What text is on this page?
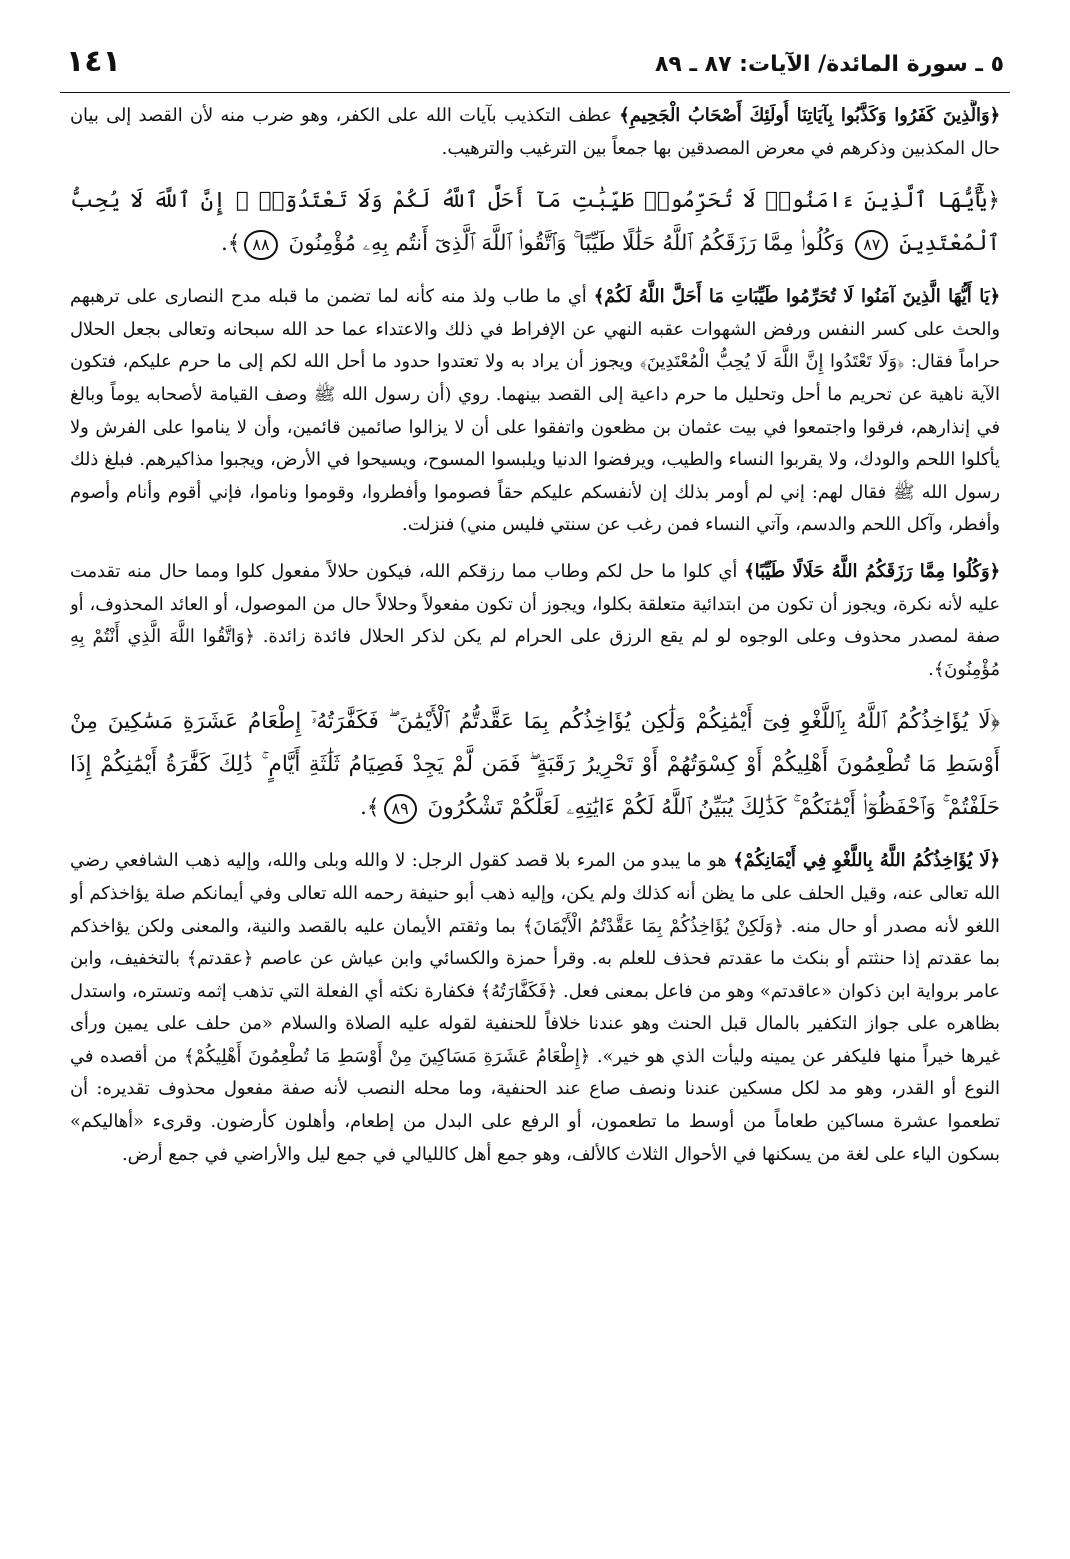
٥ ـ سورة المائدة/ الآيات: ٨٧ ـ ٨٩
١٤١

﴿وَالَّذِينَ كَفَرُوا وَكَذَّبُوا بِآيَاتِنَا أُولَئِكَ أَصْحَابُ الْجَحِيمِ﴾ عطف التكذيب بآيات الله على الكفر، وهو ضرب منه لأن القصد إلى بيان حال المكذبين وذكرهم في معرض المصدقين بها جمعاً بين الترغيب والترهيب.

﴿يَٰٓأَيُّهَا ٱلَّذِينَ ءَامَنُوا۟ لَا تُحَرِّمُوا۟ طَيِّبَٰتِ مَآ أَحَلَّ ٱللَّهُ لَكُمْ وَلَا تَعْتَدُوٓا۟ ۚ إِنَّ ٱللَّهَ لَا يُحِبُّ ٱلْمُعْتَدِينَ ٨٧ وَكُلُوا۟ مِمَّا رَزَقَكُمُ ٱللَّهُ حَلَٰلًا طَيِّبًا ۚ وَٱتَّقُوا۟ ٱللَّهَ ٱلَّذِىٓ أَنتُم بِهِۦ مُؤْمِنُونَ ٨٨﴾.

﴿يَا أَيُّهَا الَّذِينَ آمَنُوا لَا تُحَرِّمُوا طَيِّبَاتِ مَا أَحَلَّ اللَّهُ لَكُمْ﴾ أي ما طاب ولذ منه كأنه لما تضمن ما قبله مدح النصارى على ترهبهم والحث على كسر النفس ورفض الشهوات عقبه النهي عن الإفراط في ذلك والاعتداء عما حد الله سبحانه وتعالى بجعل الحلال حراماً فقال: ﴿وَلَا تَعْتَدُوا إِنَّ اللَّهَ لَا يُحِبُّ الْمُعْتَدِينَ﴾ ويجوز أن يراد به ولا تعتدوا حدود ما أحل الله لكم إلى ما حرم عليكم، فتكون الآية ناهية عن تحريم ما أحل وتحليل ما حرم داعية إلى القصد بينهما. روي (أن رسول الله ﷺ وصف القيامة لأصحابه يوماً وبالغ في إنذارهم، فرقوا واجتمعوا في بيت عثمان بن مظعون واتفقوا على أن لا يزالوا صائمين قائمين، وأن لا يناموا على الفرش ولا يأكلوا اللحم والودك، ولا يقربوا النساء والطيب، ويرفضوا الدنيا ويلبسوا المسوح، ويسيحوا في الأرض، ويجبوا مذاكيرهم. فبلغ ذلك رسول الله ﷺ فقال لهم: إني لم أومر بذلك إن لأنفسكم عليكم حقاً فصوموا وأفطروا، وقوموا وناموا، فإني أقوم وأنام وأصوم وأفطر، وآكل اللحم والدسم، وآتي النساء فمن رغب عن سنتي فليس مني) فنزلت.

﴿وَكُلُوا مِمَّا رَزَقَكُمُ اللَّهُ حَلَالًا طَيِّبًا﴾ أي كلوا ما حل لكم وطاب مما رزقكم الله، فيكون حلالاً مفعول كلوا ومما حال منه تقدمت عليه لأنه نكرة، ويجوز أن تكون من ابتدائية متعلقة بكلوا، ويجوز أن تكون مفعولاً وحلالاً حال من الموصول، أو العائد المحذوف، أو صفة لمصدر محذوف وعلى الوجوه لو لم يقع الرزق على الحرام لم يكن لذكر الحلال فائدة زائدة. ﴿وَاتَّقُوا اللَّهَ الَّذِي أَنْتُمْ بِهِ مُؤْمِنُونَ﴾.

﴿لَا يُؤَاخِذُكُمُ ٱللَّهُ بِٱللَّغْوِ فِىٓ أَيْمَٰنِكُمْ وَلَٰكِن يُؤَاخِذُكُم بِمَا عَقَّدتُّمُ ٱلْأَيْمَٰنَ ۖ فَكَفَّٰرَتُهُۥٓ إِطْعَامُ عَشَرَةِ مَسَٰكِينَ مِنْ أَوْسَطِ مَا تُطْعِمُونَ أَهْلِيكُمْ أَوْ كِسْوَتُهُمْ أَوْ تَحْرِيرُ رَقَبَةٍ ۖ فَمَن لَّمْ يَجِدْ فَصِيَامُ ثَلَٰثَةِ أَيَّامٍ ۚ ذَٰلِكَ كَفَّٰرَةُ أَيْمَٰنِكُمْ إِذَا حَلَفْتُمْ ۚ وَٱحْفَظُوٓا۟ أَيْمَٰنَكُمْ ۚ كَذَٰلِكَ يُبَيِّنُ ٱللَّهُ لَكُمْ ءَايَٰتِهِۦ لَعَلَّكُمْ تَشْكُرُونَ ٨٩﴾.

﴿لَا يُؤَاخِذُكُمُ اللَّهُ بِاللَّغْوِ فِي أَيْمَانِكُمْ﴾ هو ما يبدو من المرء بلا قصد كقول الرجل: لا والله وبلى والله، وإليه ذهب الشافعي رضي الله تعالى عنه، وقيل الحلف على ما يظن أنه كذلك ولم يكن، وإليه ذهب أبو حنيفة رحمه الله تعالى وفي أيمانكم صلة يؤاخذكم أو اللغو لأنه مصدر أو حال منه. ﴿وَلَكِنْ يُؤَاخِذُكُمْ بِمَا عَقَّدْتُمُ الْأَيْمَانَ﴾ بما وثقتم الأيمان عليه بالقصد والنية، والمعنى ولكن يؤاخذكم بما عقدتم إذا حنثتم أو بنكث ما عقدتم فحذف للعلم به. وقرأ حمزة والكسائي وابن عياش عن عاصم ﴿عقدتم﴾ بالتخفيف، وابن عامر برواية ابن ذكوان «عاقدتم» وهو من فاعل بمعنى فعل. ﴿فَكَفَّارَتُهُ﴾ فكفارة نكثه أي الفعلة التي تذهب إثمه وتستره، واستدل بظاهره على جواز التكفير بالمال قبل الحنث وهو عندنا خلافاً للحنفية لقوله عليه الصلاة والسلام «من حلف على يمين ورأى غيرها خيراً منها فليكفر عن يمينه وليأت الذي هو خير». ﴿إِطْعَامُ عَشَرَةِ مَسَاكِينَ مِنْ أَوْسَطِ مَا تُطْعِمُونَ أَهْلِيكُمْ﴾ من أقصده في النوع أو القدر، وهو مد لكل مسكين عندنا ونصف صاع عند الحنفية، وما محله النصب لأنه صفة مفعول محذوف تقديره: أن تطعموا عشرة مساكين طعاماً من أوسط ما تطعمون، أو الرفع على البدل من إطعام، وأهلون كأرضون. وقرىء «أهاليكم» بسكون الياء على لغة من يسكنها في الأحوال الثلاث كالألف، وهو جمع أهل كالليالي في جمع ليل والأراضي في جمع أرض.
